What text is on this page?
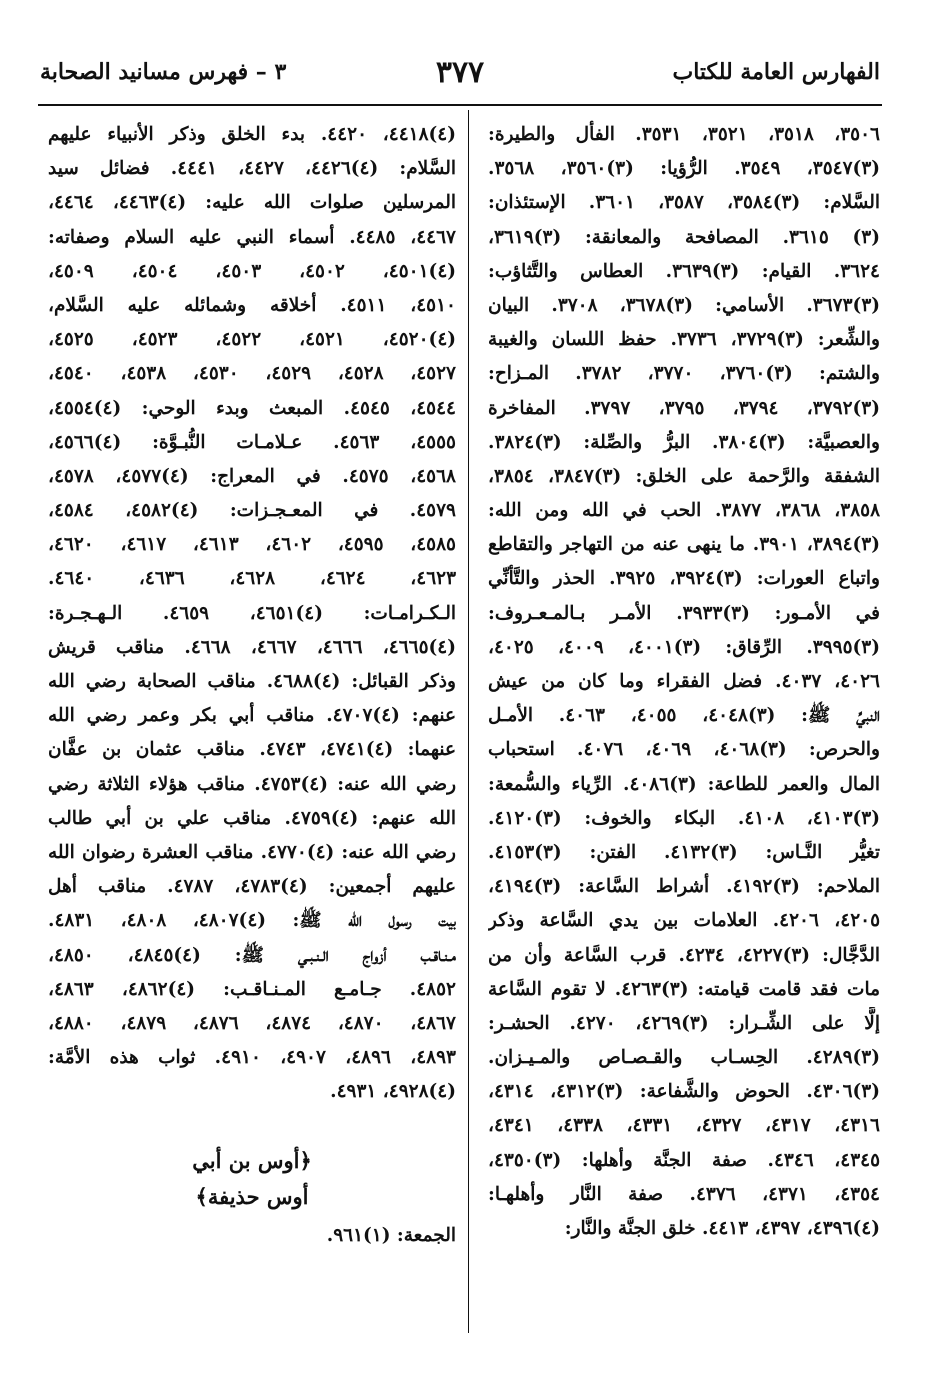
الفهارس العامة للكتاب
٣٧٧
٣ – فهرس مسانيد الصحابة
٣٥٠٦، ٣٥١٨، ٣٥٢١، ٣٥٣١. الفأل والطيرة:
(٣)٣٥٤٧، ٣٥٤٩. الرُّؤيا: (٣)٣٥٦٠، ٣٥٦٨.
السَّلام: (٣)٣٥٨٤، ٣٥٨٧، ٣٦٠١. الإستئذان:
(٣) ٣٦١٥. المصافحة والمعانقة: (٣)٣٦١٩،
٣٦٢٤. القيام: (٣)٣٦٣٩. العطاس والتَّثاؤب:
(٣)٣٦٧٣. الأسامي: (٣)٣٦٧٨، ٣٧٠٨. البيان
والشِّعر: (٣)٣٧٢٩، ٣٧٣٦. حفظ اللسان والغيبة
والشتم: (٣)٣٧٦٠، ٣٧٧٠، ٣٧٨٢. المـزاح:
(٣)٣٧٩٢، ٣٧٩٤، ٣٧٩٥، ٣٧٩٧. المفاخرة
والعصبيَّة: (٣)٣٨٠٤. البرُّ والصِّلة: (٣)٣٨٢٤.
الشفقة والرَّحمة على الخلق: (٣)٣٨٤٧، ٣٨٥٤،
٣٨٥٨، ٣٨٦٨، ٣٨٧٧. الحب في الله ومن الله:
(٣)٣٨٩٤، ٣٩٠١. ما ينهى عنه من التهاجر والتقاطع
واتباع العورات: (٣)٣٩٢٤، ٣٩٢٥. الحذر والتَّأنِّي
في الأمـور: (٣)٣٩٣٣. الأمـر بـالمـعـروف:
(٣)٣٩٩٥. الرِّقاق: (٣)٤٠٠١، ٤٠٠٩، ٤٠٢٥،
٤٠٢٦، ٤٠٣٧. فضل الفقراء وما كان من عيش
النبيِّ ﷺ: (٣)٤٠٤٨، ٤٠٥٥، ٤٠٦٣. الأمـل
والحرص: (٣)٤٠٦٨، ٤٠٦٩، ٤٠٧٦. استحباب
المال والعمر للطاعة: (٣)٤٠٨٦. الرِّياء والسُّمعة:
(٣)٤١٠٣، ٤١٠٨. البكاء والخوف: (٣)٤١٢٠.
تغيُّر النَّـاس: (٣)٤١٣٢. الفتن: (٣)٤١٥٣.
الملاحم: (٣)٤١٩٢. أشراط السَّاعة: (٣)٤١٩٤،
٤٢٠٥، ٤٢٠٦. العلامات بين يدي السَّاعة وذكر
الدَّجَّال: (٣)٤٢٢٧، ٤٢٣٤. قرب السَّاعة وأن من
مات فقد قامت قيامته: (٣)٤٢٦٣. لا تقوم السَّاعة
إلَّا على الشِّـرار: (٣)٤٢٦٩، ٤٢٧٠. الحشـر:
(٣)٤٢٨٩. الحِسـاب والقـصـاص والمـيـزان.
(٣)٤٣٠٦. الحوض والشَّفاعة: (٣)٤٣١٢، ٤٣١٤،
٤٣١٦، ٤٣١٧، ٤٣٢٧، ٤٣٣١، ٤٣٣٨، ٤٣٤١،
٤٣٤٥، ٤٣٤٦. صفة الجنَّة وأهلها: (٣)٤٣٥٠،
٤٣٥٤، ٤٣٧١، ٤٣٧٦. صفة النَّار وأهلهـا:
(٤)٤٣٩٦، ٤٣٩٧، ٤٤١٣. خلق الجنَّة والنَّار:
(٤)٤٤١٨، ٤٤٢٠. بدء الخلق وذكر الأنبياء عليهم
السَّلام: (٤)٤٤٢٦، ٤٤٢٧، ٤٤٤١. فضائل سيد
المرسلين صلوات الله عليه: (٤)٤٤٦٣، ٤٤٦٤،
٤٤٦٧، ٤٤٨٥. أسماء النبي عليه السلام وصفاته:
(٤)٤٥٠١، ٤٥٠٢، ٤٥٠٣، ٤٥٠٤، ٤٥٠٩،
٤٥١٠، ٤٥١١. أخلاقه وشمائله عليه السَّلام،
(٤)٤٥٢٠، ٤٥٢١، ٤٥٢٢، ٤٥٢٣، ٤٥٢٥،
٤٥٢٧، ٤٥٢٨، ٤٥٢٩، ٤٥٣٠، ٤٥٣٨، ٤٥٤٠،
٤٥٤٤، ٤٥٤٥. المبعث وبدء الوحي: (٤)٤٥٥٤،
٤٥٥٥، ٤٥٦٣. عـلامـات النُّبـوَّة: (٤)٤٥٦٦،
٤٥٦٨، ٤٥٧٥. في المعراج: (٤)٤٥٧٧، ٤٥٧٨،
٤٥٧٩. في المعـجـزات: (٤)٤٥٨٢، ٤٥٨٤،
٤٥٨٥، ٤٥٩٥، ٤٦٠٢، ٤٦١٣، ٤٦١٧، ٤٦٢٠،
٤٦٢٣، ٤٦٢٤، ٤٦٢٨، ٤٦٣٦، ٤٦٤٠.
الـكـرامـات: (٤)٤٦٥١، ٤٦٥٩. الـهـجـرة:
(٤)٤٦٦٥، ٤٦٦٦، ٤٦٦٧، ٤٦٦٨. مناقب قريش
وذكر القبائل: (٤)٤٦٨٨. مناقب الصحابة رضي الله
عنهم: (٤)٤٧٠٧. مناقب أبي بكر وعمر رضي الله
عنهما: (٤)٤٧٤١، ٤٧٤٣. مناقب عثمان بن عفَّان
رضي الله عنه: (٤)٤٧٥٣. مناقب هؤلاء الثلاثة رضي
الله عنهم: (٤)٤٧٥٩. مناقب علي بن أبي طالب
رضي الله عنه: (٤)٤٧٧٠. مناقب العشرة رضوان الله
عليهم أجمعين: (٤)٤٧٨٣، ٤٧٨٧. مناقب أهل
بيت رسول الله ﷺ: (٤)٤٨٠٧، ٤٨٠٨، ٤٨٣١.
مـنـاقـب أزواج الـنـبـي ﷺ: (٤)٤٨٤٥، ٤٨٥٠،
٤٨٥٢. جـامـع المـنـاقـب: (٤)٤٨٦٢، ٤٨٦٣،
٤٨٦٧، ٤٨٧٠، ٤٨٧٤، ٤٨٧٦، ٤٨٧٩، ٤٨٨٠،
٤٨٩٣، ٤٨٩٦، ٤٩٠٧، ٤٩١٠. ثواب هذه الأمَّة:
(٤)٤٩٢٨، ٤٩٣١.
﴿أوس بن أبي
أوس حذيفة﴾
الجمعة: (١)٩٦١.
